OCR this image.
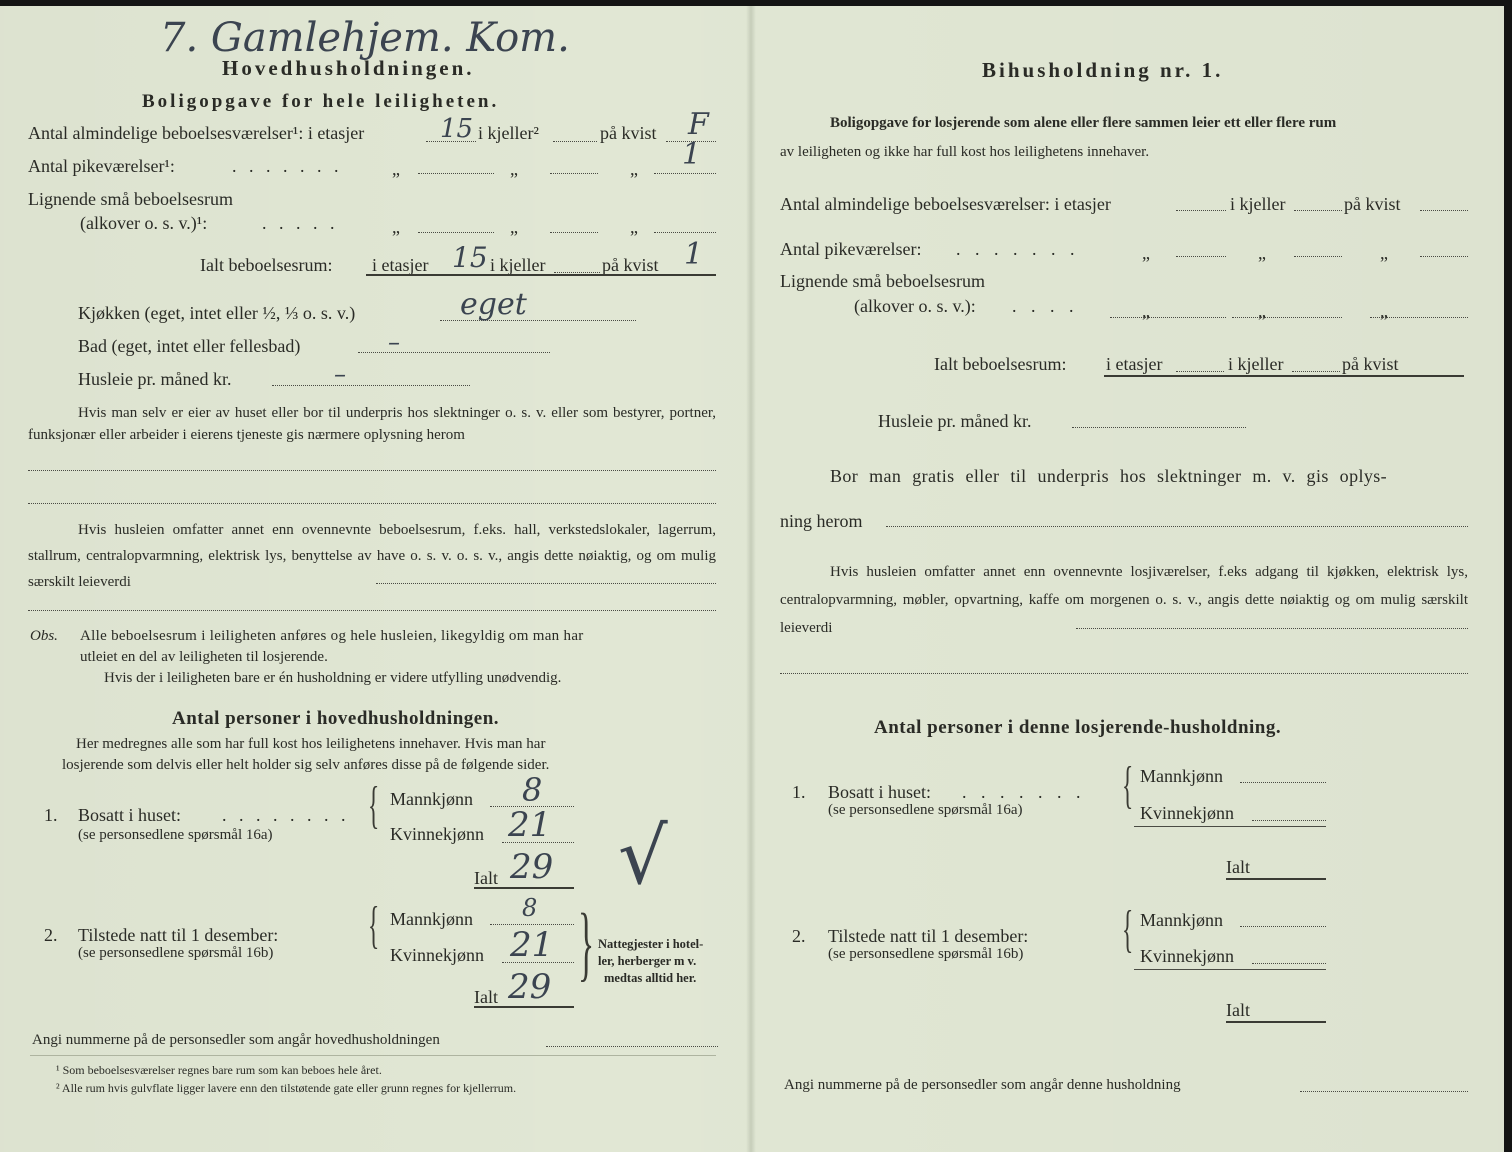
7. Gamlehjem. Kom.
Hovedhusholdningen.
Boligopgave for hele leiligheten.
Antal almindelige beboelsesværelser¹: i etasjer	15 i kjeller²	på kvist F
Antal pikeværelser¹:	. . . . . . .	„	„	„ 1
Lignende små beboelsesrum
(alkover o. s. v.)¹:	. . . . .	„	„	„
Ialt beboelsesrum: i etasjer 15 i kjeller	på kvist 1
Kjøkken (eget, intet eller ½, ⅓ o. s. v.)	eget
Bad (eget, intet eller fellesbad)	–
Husleie pr. måned kr.	–
Hvis man selv er eier av huset eller bor til underpris hos slektninger o. s. v. eller som bestyrer, portner, funksjonær eller arbeider i eierens tjeneste gis nærmere oplysning herom
Hvis husleien omfatter annet enn ovennevnte beboelsesrum, f.eks. hall, verkstedslokaler, lagerrum, stallrum, centralopvarmning, elektrisk lys, benyttelse av have o. s. v. o. s. v., angis dette nøiaktig, og om mulig særskilt leieverdi
Obs. Alle beboelsesrum i leiligheten anføres og hele husleien, likegyldig om man har
utleiet en del av leiligheten til losjerende.
Hvis der i leiligheten bare er én husholdning er videre utfylling unødvendig.
Antal personer i hovedhusholdningen.
Her medregnes alle som har full kost hos leilighetens innehaver. Hvis man har
losjerende som delvis eller helt holder sig selv anføres disse på de følgende sider.
1. Bosatt i huset: . . . . . . . .
(se personsedlene spørsmål 16a)
{ Mannkjønn 8
Kvinnekjønn 21
Ialt 29 √
2. Tilstede natt til 1 desember:
(se personsedlene spørsmål 16b) { Mannkjønn 8
Kvinnekjønn 21
Ialt 29 } Nattegjester i hotel-
ler, herberger m v.
medtas alltid her.
Angi nummerne på de personsedler som angår hovedhusholdningen
¹ Som beboelsesværelser regnes bare rum som kan beboes hele året.
² Alle rum hvis gulvflate ligger lavere enn den tilstøtende gate eller grunn regnes for kjellerrum.
Bihusholdning nr. 1.
Boligopgave for losjerende som alene eller flere sammen leier ett eller flere rum
av leiligheten og ikke har full kost hos leilighetens innehaver.
Antal almindelige beboelsesværelser: i etasjer	i kjeller	på kvist
Antal pikeværelser: . . . . . . .	„	„	„
Lignende små beboelsesrum
(alkover o. s. v.): . . . .	„	„	„
Ialt beboelsesrum: i etasjer	i kjeller	på kvist
Husleie pr. måned kr.
Bor man gratis eller til underpris hos slektninger m. v. gis oplys-
ning herom
Hvis husleien omfatter annet enn ovennevnte losjiværelser, f.eks adgang til kjøkken, elektrisk lys, centralopvarmning, møbler, opvartning, kaffe om morgenen o. s. v., angis dette nøiaktig og om mulig særskilt leieverdi
Antal personer i denne losjerende-husholdning.
1. Bosatt i huset: . . . . . . .
(se personsedlene spørsmål 16a) { Mannkjønn
Kvinnekjønn
Ialt
2. Tilstede natt til 1 desember:
(se personsedlene spørsmål 16b) { Mannkjønn
Kvinnekjønn
Ialt
Angi nummerne på de personsedler som angår denne husholdning
